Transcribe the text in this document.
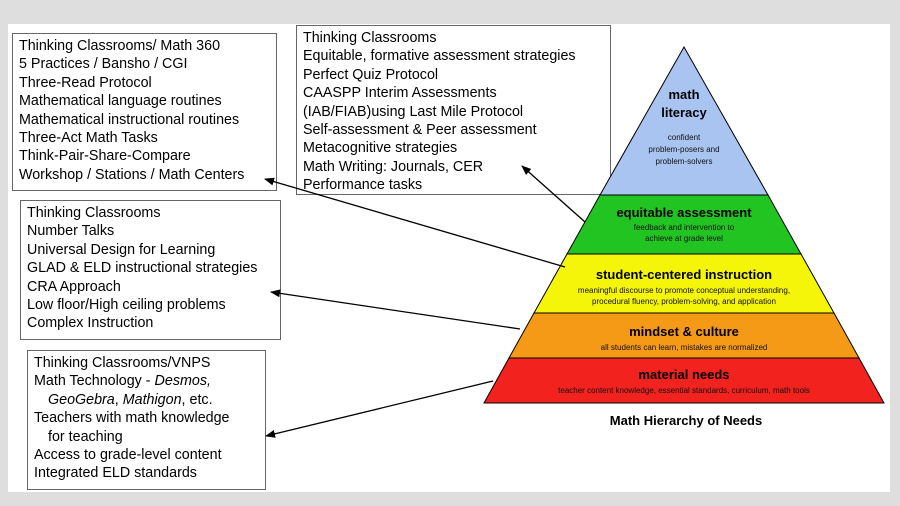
Thinking Classrooms/ Math 360
5 Practices / Bansho / CGI
Three-Read Protocol
Mathematical language routines
Mathematical instructional routines
Three-Act Math Tasks
Think-Pair-Share-Compare
Workshop / Stations / Math Centers
Thinking Classrooms
Equitable, formative assessment strategies
Perfect Quiz Protocol
CAASPP Interim Assessments
(IAB/FIAB)using Last Mile Protocol
Self-assessment & Peer assessment
Metacognitive strategies
Math Writing: Journals, CER
Performance tasks
Thinking Classrooms
Number Talks
Universal Design for Learning
GLAD & ELD instructional strategies
CRA Approach
Low floor/High ceiling problems
Complex Instruction
Thinking Classrooms/VNPS
Math Technology - Desmos,
GeoGebra, Mathigon, etc.
Teachers with math knowledge
for teaching
Access to grade-level content
Integrated ELD standards
math
literacy
confident
problem-posers and
problem-solvers
equitable assessment
feedback and intervention to
achieve at grade level
student-centered instruction
meaningful discourse to promote conceptual understanding,
procedural fluency, problem-solving, and application
mindset & culture
all students can learn, mistakes are normalized
material needs
teacher content knowledge, essential standards, curriculum, math tools
Math Hierarchy of Needs
